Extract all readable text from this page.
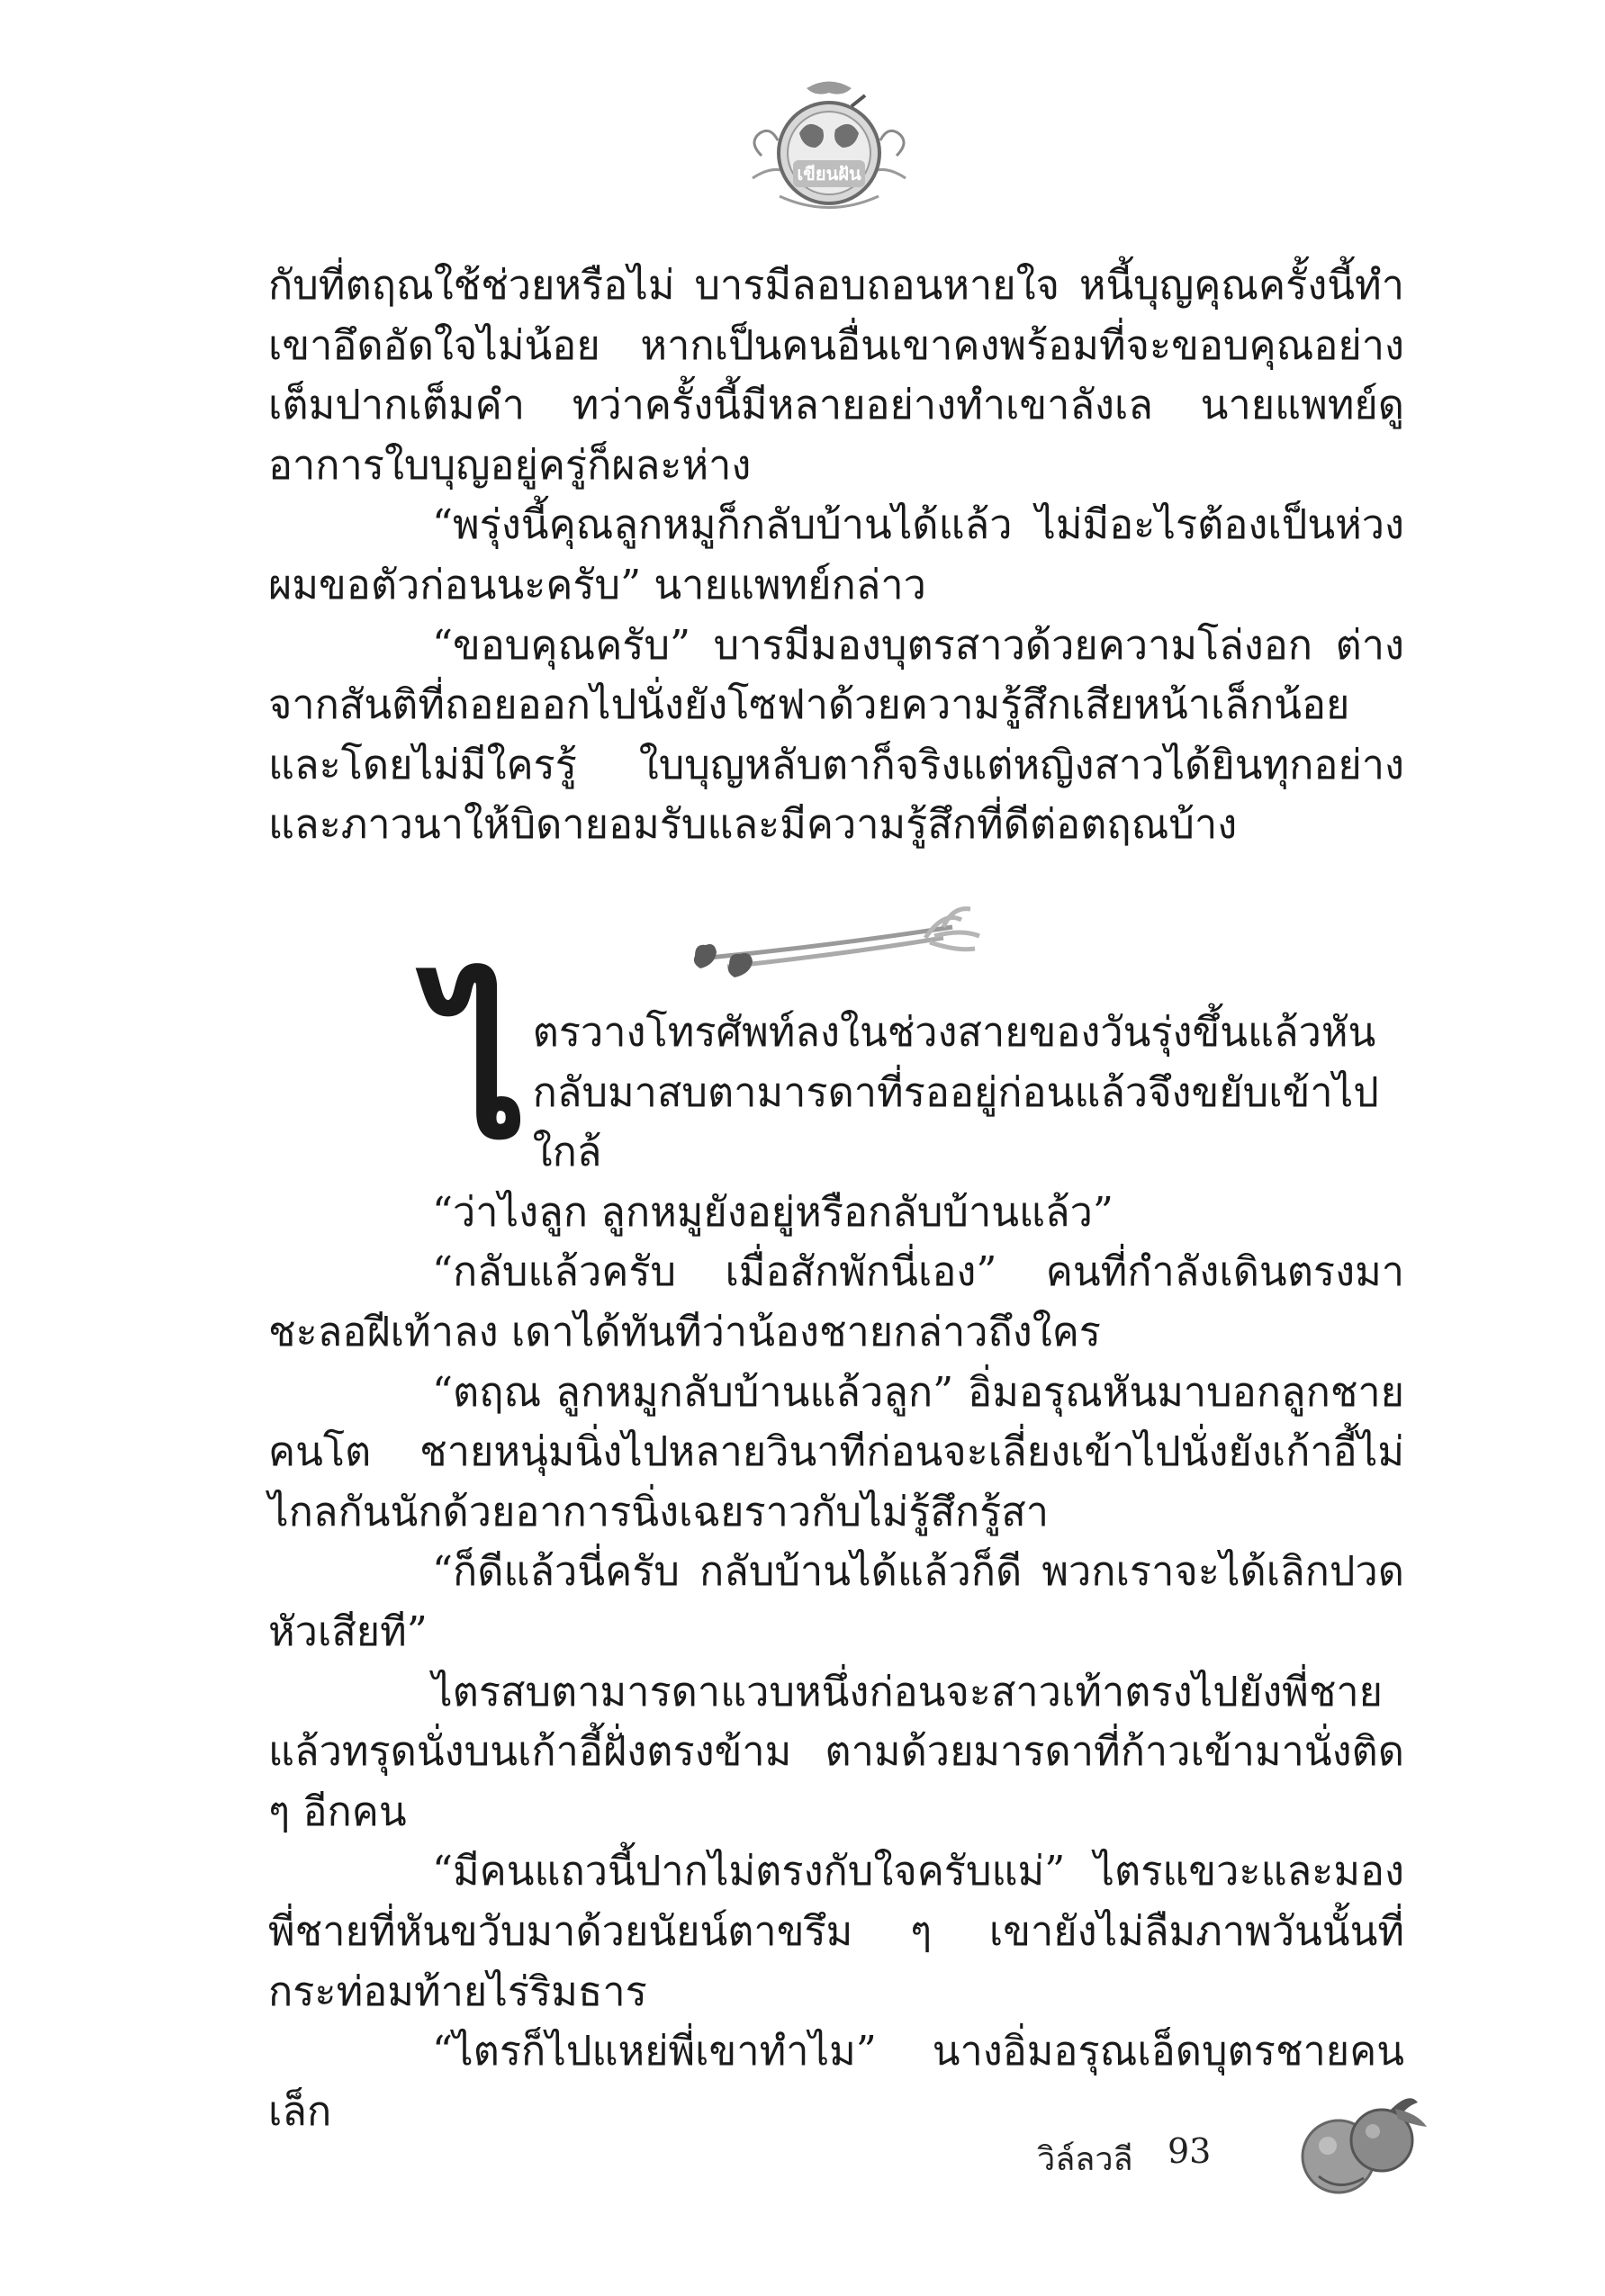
เขียนฝัน

กับที่ตฤณใช้ช่วยหรือไม่ บารมีลอบถอนหายใจ หนี้บุญคุณครั้งนี้ทำเขาอึดอัดใจไม่น้อย หากเป็นคนอื่นเขาคงพร้อมที่จะขอบคุณอย่างเต็มปากเต็มคำ ทว่าครั้งนี้มีหลายอย่างทำเขาลังเล นายแพทย์ดูอาการใบบุญอยู่ครู่ก็ผละห่าง

“พรุ่งนี้คุณลูกหมูก็กลับบ้านได้แล้ว ไม่มีอะไรต้องเป็นห่วง ผมขอตัวก่อนนะครับ” นายแพทย์กล่าว

“ขอบคุณครับ” บารมีมองบุตรสาวด้วยความโล่งอก ต่างจากสันติที่ถอยออกไปนั่งยังโซฟาด้วยความรู้สึกเสียหน้าเล็กน้อย และโดยไม่มีใครรู้ ใบบุญหลับตาก็จริงแต่หญิงสาวได้ยินทุกอย่างและภาวนาให้บิดายอมรับและมีความรู้สึกที่ดีต่อตฤณบ้าง

ไตรวางโทรศัพท์ลงในช่วงสายของวันรุ่งขึ้นแล้วหันกลับมาสบตามารดาที่รออยู่ก่อนแล้วจึงขยับเข้าไปใกล้

“ว่าไงลูก ลูกหมูยังอยู่หรือกลับบ้านแล้ว”

“กลับแล้วครับ เมื่อสักพักนี่เอง” คนที่กำลังเดินตรงมาชะลอฝีเท้าลง เดาได้ทันทีว่าน้องชายกล่าวถึงใคร

“ตฤณ ลูกหมูกลับบ้านแล้วลูก” อิ่มอรุณหันมาบอกลูกชายคนโต ชายหนุ่มนิ่งไปหลายวินาทีก่อนจะเลี่ยงเข้าไปนั่งยังเก้าอี้ไม่ไกลกันนักด้วยอาการนิ่งเฉยราวกับไม่รู้สึกรู้สา

“ก็ดีแล้วนี่ครับ กลับบ้านได้แล้วก็ดี พวกเราจะได้เลิกปวดหัวเสียที”

ไตรสบตามารดาแวบหนึ่งก่อนจะสาวเท้าตรงไปยังพี่ชายแล้วทรุดนั่งบนเก้าอี้ฝั่งตรงข้าม ตามด้วยมารดาที่ก้าวเข้ามานั่งติด ๆ อีกคน

“มีคนแถวนี้ปากไม่ตรงกับใจครับแม่” ไตรแขวะและมองพี่ชายที่หันขวับมาด้วยนัยน์ตาขรึม ๆ เขายังไม่ลืมภาพวันนั้นที่กระท่อมท้ายไร่ริมธาร

“ไตรก็ไปแหย่พี่เขาทำไม” นางอิ่มอรุณเอ็ดบุตรชายคนเล็ก

วิล์ลวลี 93
